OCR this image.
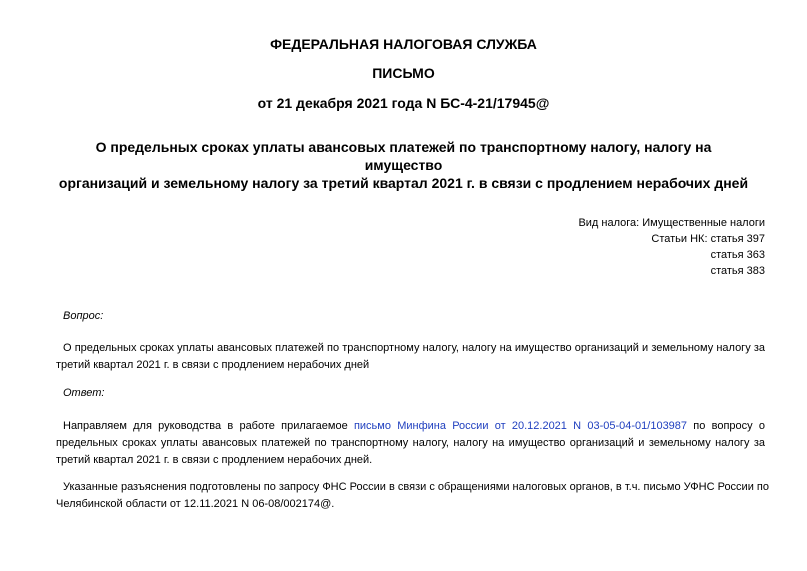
ФЕДЕРАЛЬНАЯ НАЛОГОВАЯ СЛУЖБА
ПИСЬМО
от 21 декабря 2021 года N БС-4-21/17945@
О предельных сроках уплаты авансовых платежей по транспортному налогу, налогу на имущество
организаций и земельному налогу за третий квартал 2021 г. в связи с продлением нерабочих дней
Вид налога: Имущественные налоги
Статьи НК: статья 397
статья 363
статья 383
Вопрос:
О предельных сроках уплаты авансовых платежей по транспортному налогу, налогу на имущество организаций и земельному налогу за третий квартал 2021 г. в связи с продлением нерабочих дней
Ответ:
Направляем для руководства в работе прилагаемое письмо Минфина России от 20.12.2021 N 03-05-04-01/103987 по вопросу о предельных сроках уплаты авансовых платежей по транспортному налогу, налогу на имущество организаций и земельному налогу за третий квартал 2021 г. в связи с продлением нерабочих дней.
Указанные разъяснения подготовлены по запросу ФНС России в связи с обращениями налоговых органов, в т.ч. письмо УФНС России по Челябинской области от 12.11.2021 N 06-08/002174@.
